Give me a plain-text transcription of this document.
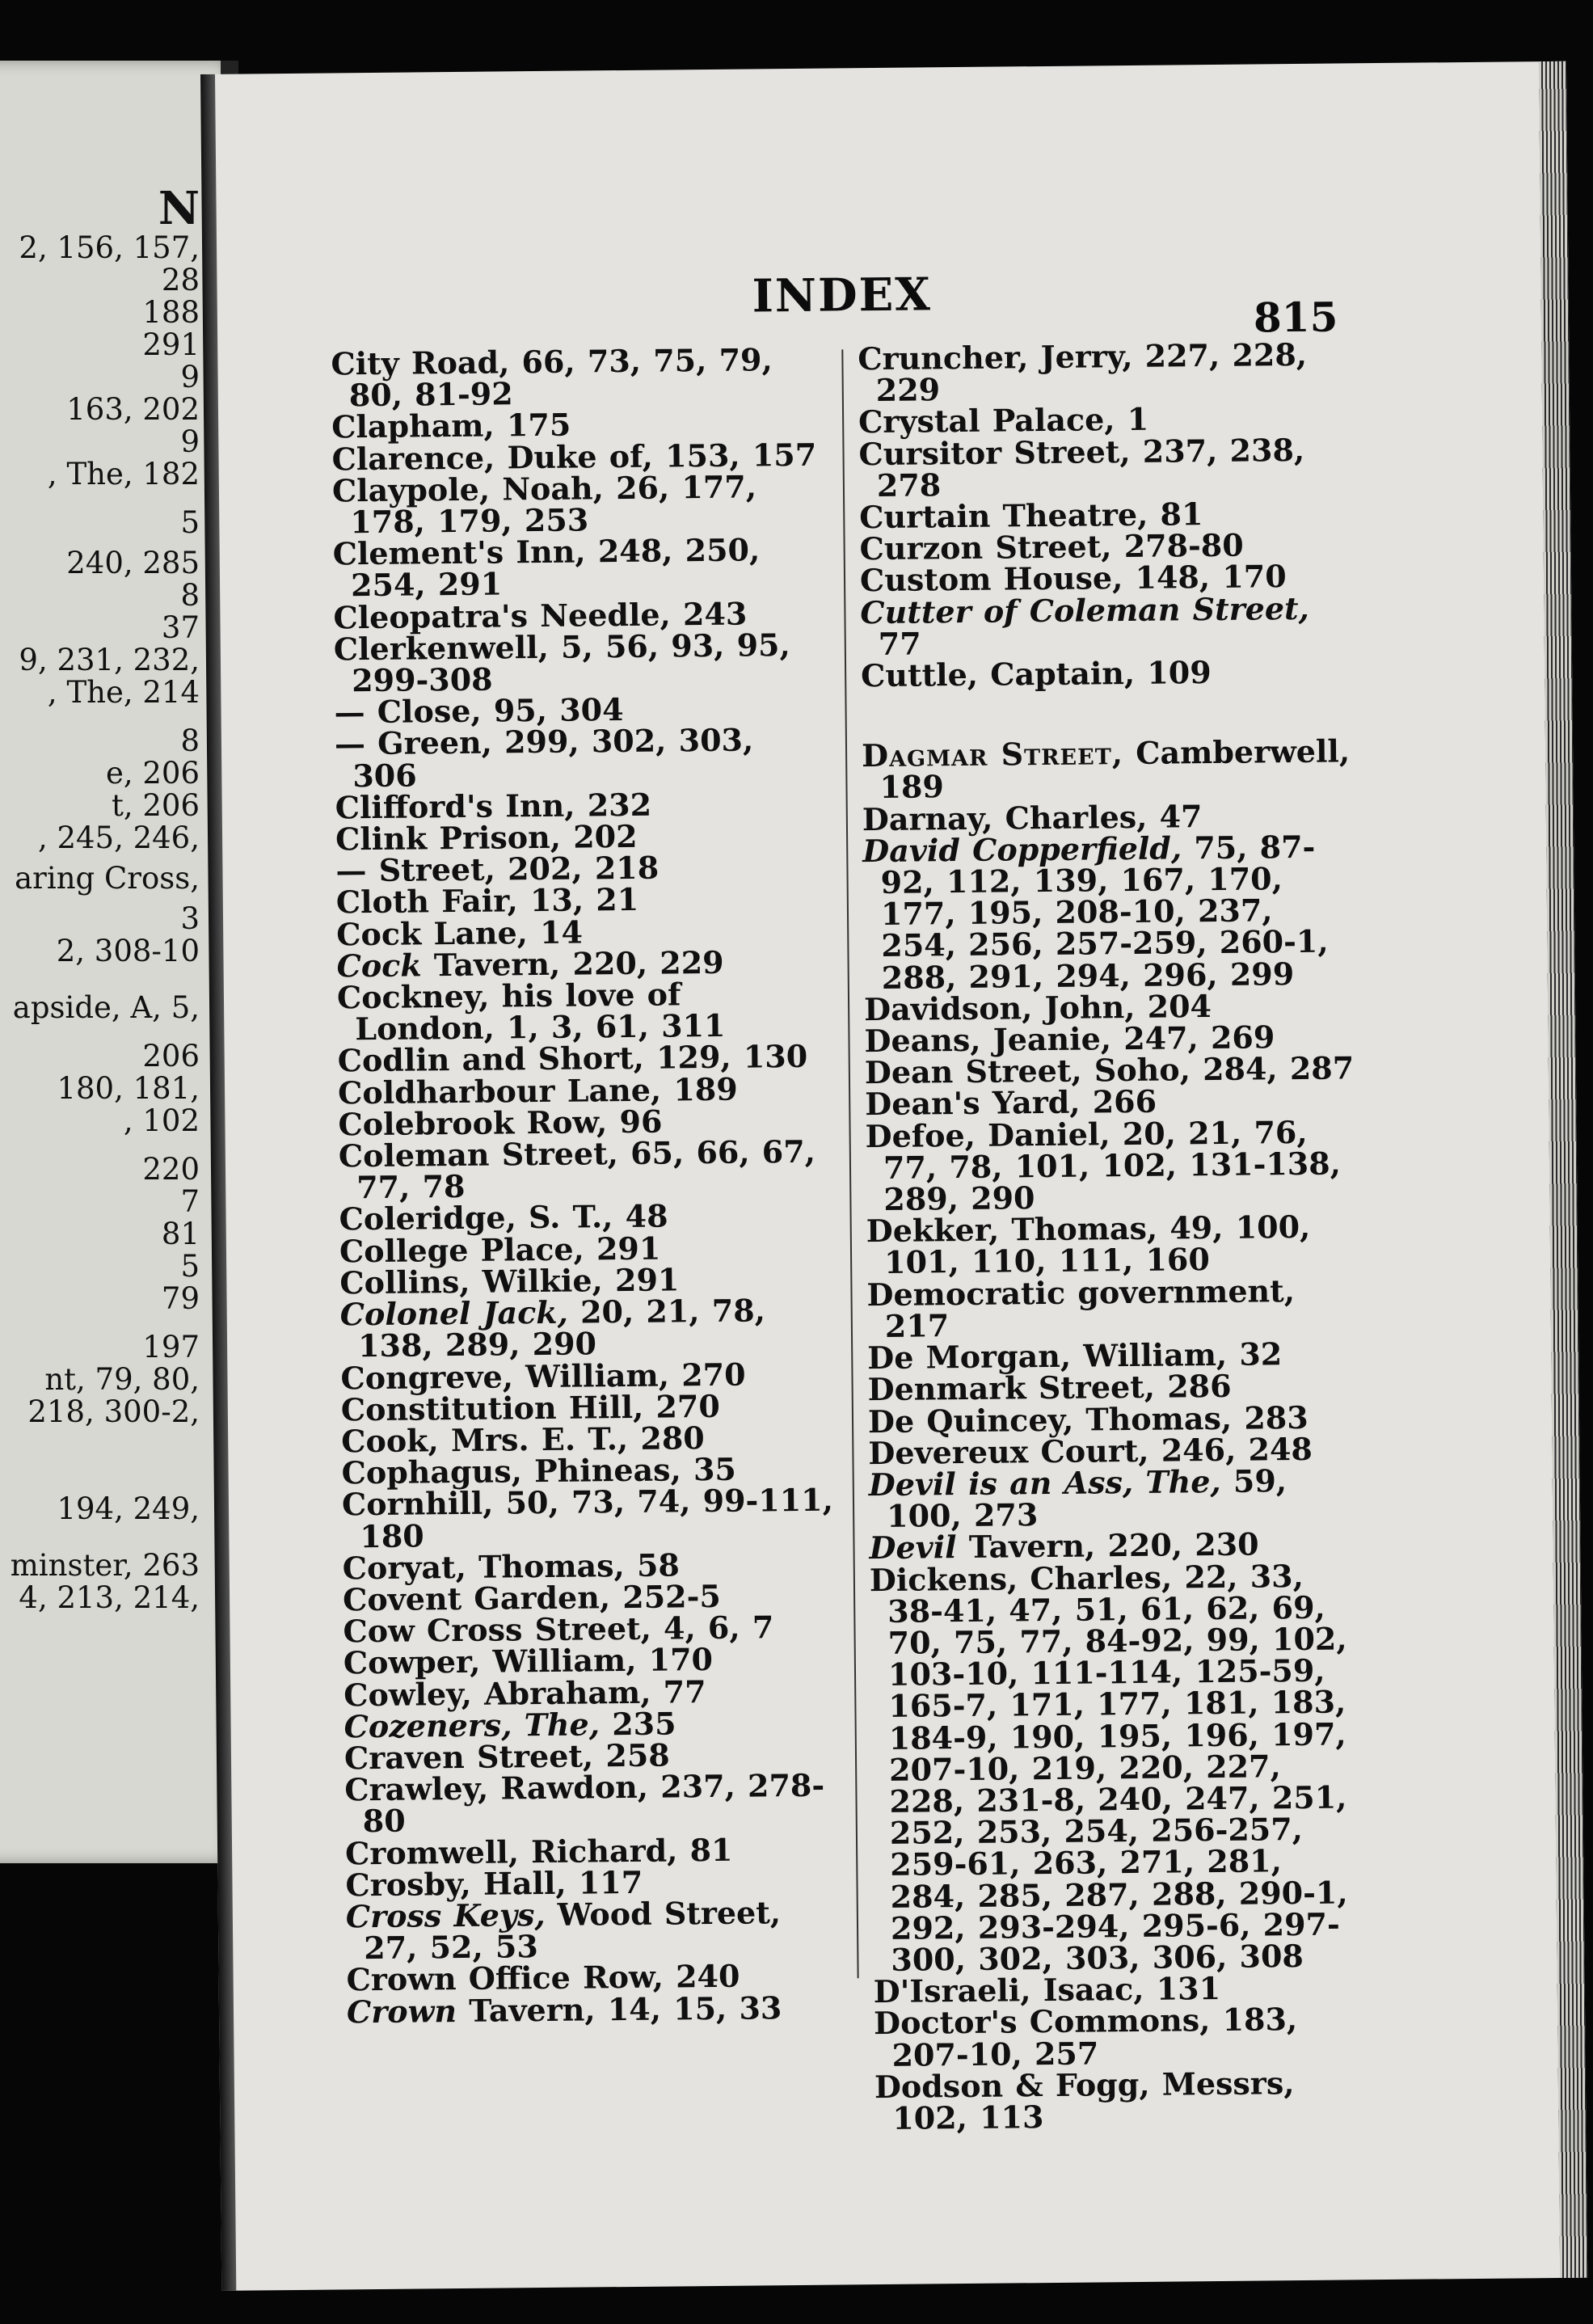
N
2, 156, 157,
28
188
291
9
163, 202
9
, The, 182
5
240, 285
8
37
9, 231, 232,
, The, 214
8
e, 206
t, 206
, 245, 246,
aring Cross,
3
2, 308-10
apside, A, 5,
206
180, 181,
, 102
220
7
81
5
79
197
nt, 79, 80,
218, 300-2,
194, 249,
minster, 263
4, 213, 214,
INDEX	815
City Road, 66, 73, 75, 79, 80, 81-92
Clapham, 175
Clarence, Duke of, 153, 157
Claypole, Noah, 26, 177, 178, 179, 253
Clement's Inn, 248, 250, 254, 291
Cleopatra's Needle, 243
Clerkenwell, 5, 56, 93, 95, 299-308
— Close, 95, 304
— Green, 299, 302, 303, 306
Clifford's Inn, 232
Clink Prison, 202
— Street, 202, 218
Cloth Fair, 13, 21
Cock Lane, 14
Cock Tavern, 220, 229
Cockney, his love of London, 1, 3, 61, 311
Codlin and Short, 129, 130
Coldharbour Lane, 189
Colebrook Row, 96
Coleman Street, 65, 66, 67, 77, 78
Coleridge, S. T., 48
College Place, 291
Collins, Wilkie, 291
Colonel Jack, 20, 21, 78, 138, 289, 290
Congreve, William, 270
Constitution Hill, 270
Cook, Mrs. E. T., 280
Cophagus, Phineas, 35
Cornhill, 50, 73, 74, 99-111, 180
Coryat, Thomas, 58
Covent Garden, 252-5
Cow Cross Street, 4, 6, 7
Cowper, William, 170
Cowley, Abraham, 77
Cozeners, The, 235
Craven Street, 258
Crawley, Rawdon, 237, 278-80
Cromwell, Richard, 81
Crosby, Hall, 117
Cross Keys, Wood Street, 27, 52, 53
Crown Office Row, 240
Crown Tavern, 14, 15, 33
Cruncher, Jerry, 227, 228, 229
Crystal Palace, 1
Cursitor Street, 237, 238, 278
Curtain Theatre, 81
Curzon Street, 278-80
Custom House, 148, 170
Cutter of Coleman Street, 77
Cuttle, Captain, 109
Dagmar Street, Camberwell, 189
Darnay, Charles, 47
David Copperfield, 75, 87-92, 112, 139, 167, 170, 177, 195, 208-10, 237, 254, 256, 257-259, 260-1, 288, 291, 294, 296, 299
Davidson, John, 204
Deans, Jeanie, 247, 269
Dean Street, Soho, 284, 287
Dean's Yard, 266
Defoe, Daniel, 20, 21, 76, 77, 78, 101, 102, 131-138, 289, 290
Dekker, Thomas, 49, 100, 101, 110, 111, 160
Democratic government, 217
De Morgan, William, 32
Denmark Street, 286
De Quincey, Thomas, 283
Devereux Court, 246, 248
Devil is an Ass, The, 59, 100, 273
Devil Tavern, 220, 230
Dickens, Charles, 22, 33, 38-41, 47, 51, 61, 62, 69, 70, 75, 77, 84-92, 99, 102, 103-10, 111-114, 125-59, 165-7, 171, 177, 181, 183, 184-9, 190, 195, 196, 197, 207-10, 219, 220, 227, 228, 231-8, 240, 247, 251, 252, 253, 254, 256-257, 259-61, 263, 271, 281, 284, 285, 287, 288, 290-1, 292, 293-294, 295-6, 297-300, 302, 303, 306, 308
D'Israeli, Isaac, 131
Doctor's Commons, 183, 207-10, 257
Dodson & Fogg, Messrs, 102, 113
